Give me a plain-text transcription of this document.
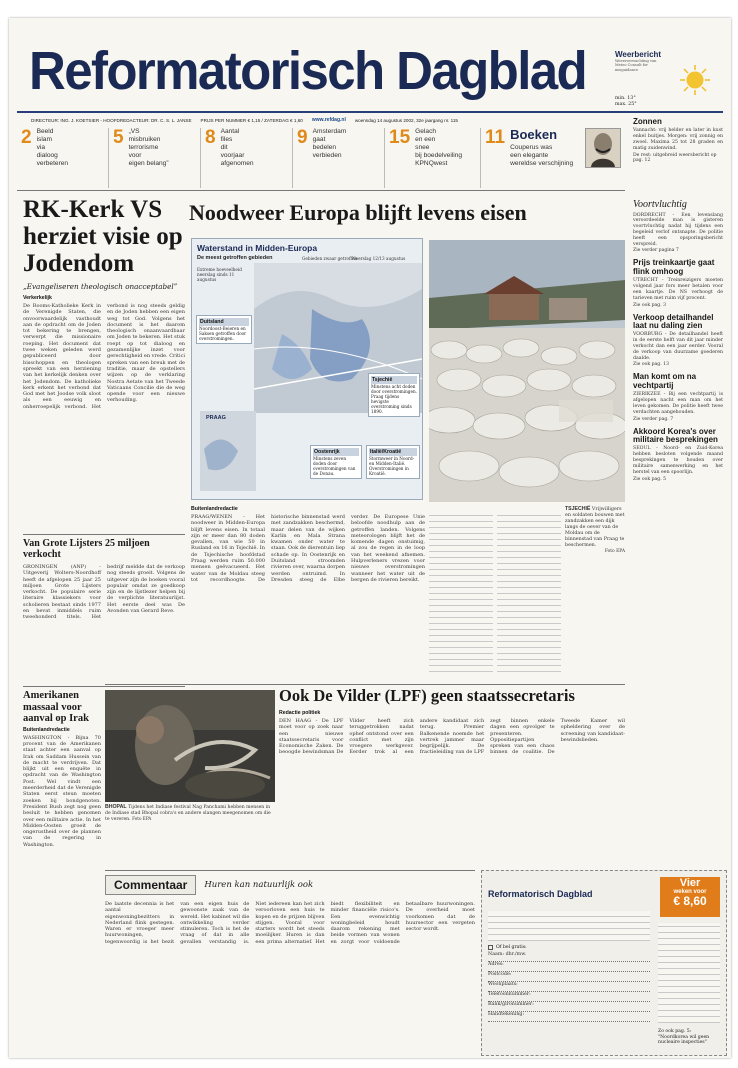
Reformatorisch Dagblad	Weerbericht
Weersverwachting van Meteo Consult for misguidance
min. 13°
max. 25°
DIRECTEUR: ING. J. KOETSIER - HOOFDREDACTEUR: DR. C. S. L. JANSE PRIJS PER NUMMER € 1,15 / ZATERDAG € 1,60 www.refdag.nl woensdag 14 augustus 2002, 32e jaargang nr. 115
2 Beeld
islam
via
dialoog
verbeteren
5 „VS
misbruiken
terrorisme
voor
eigen belang”
8 Aantal
files
dit
voorjaar
afgenomen
9 Amsterdam
gaat
bedelen
verbieden
15 Gelach
en een
snee
bij boedelveiling
KPNQwest
11 Boeken
Couperus was
een elegante
wereldse verschijning
Zonnen
Vannacht: vrij helder en later in kust enkel buitjes. Morgen: vrij zonnig en zwoel. Maxima 25 tot 28 graden en matig zuidenwind.
De rest: uitgebreid weersbericht op pag. 12
RK-Kerk VS herziet visie op Jodendom
„Evangeliseren theologisch onacceptabel”
Verkerkelijk
De Rooms-Katholieke Kerk in de Verenigde Staten, die onvoorwaardelijk vasthoudt aan de opdracht om de Joden tot bekering te brengen, verwerpt die missionaire roeping. Het document dat twee weken geleden werd gepubliceerd door bisschoppen en theologen spreekt van een herziening van het kerkelijk denken over het Jodendom. De katholieke kerk erkent het verbond dat God met het Joodse volk sloot als een eeuwig en onherroepelijk verbond. Het verbond is nog steeds geldig en de Joden hebben een eigen weg tot God. Volgens het document is het daarom theologisch onaanvaardbaar om Joden te bekeren. Het stuk roept op tot dialoog en gezamenlijke inzet voor gerechtigheid en vrede. Critici spreken van een breuk met de traditie, maar de opstellers wijzen op de verklaring Nostra Aetate van het Tweede Vaticaans Concilie die de weg opende voor een nieuwe verhouding.
Van Grote Lijsters 25 miljoen verkocht
GRONINGEN (ANP) - Uitgeverij Wolters-Noordhoff heeft de afgelopen 25 jaar 25 miljoen Grote Lijsters verkocht. De populaire serie literaire klassiekers voor scholieren bestaat sinds 1977 en bevat inmiddels ruim tweehonderd titels. Het bedrijf meldde dat de verkoop nog steeds groeit. Volgens de uitgever zijn de boeken vooral populair omdat ze goedkoop zijn en de lijstlezer helpen bij de verplichte literatuurlijst. Het eerste deel was De Avonden van Gerard Reve.
Amerikanen massaal voor aanval op Irak
Buitenlandredactie
WASHINGTON - Bijna 70 procent van de Amerikanen staat achter een aanval op Irak om Saddam Hussein van de macht te verdrijven. Dat blijkt uit een enquête in opdracht van de Washington Post. Wel vindt een meerderheid dat de Verenigde Staten eerst steun moeten zoeken bij bondgenoten. President Bush zegt nog geen besluit te hebben genomen over een militaire actie. In het Midden-Oosten groeit de ongerustheid over de plannen van de regering in Washington.
Noodweer Europa blijft levens eisen
Waterstand in Midden-Europa
De meest getroffen gebieden	Gebieden zwaar getroffen
Neerslag 12/13 augustus
Extreme hoeveelheid neerslag sinds 11 augustus
Duitsland
Noordoost-Beieren en Saksen getroffen door overstromingen.
PRAAG
Tsjechië
Minstens acht doden door overstromingen. Praag tijdens hevigste overstroming sinds 1890.
Oostenrijk
Minstens zeven doden door overstromingen van de Donau.
Italië/Kroatië
Stormweer in Noord- en Midden-Italië. Overstromingen in Kroatië.
Buitenlandredactie
PRAAG/WENEN - Het noodweer in Midden-Europa blijft levens eisen. In totaal zijn er meer dan 80 doden gevallen, van wie 50 in Rusland en 16 in Tsjechië. In de Tsjechische hoofdstad Praag werden ruim 50.000 mensen geëvacueerd. Het water van de Moldau steeg tot recordhoogte. De historische binnenstad werd met zandzakken beschermd, maar delen van de wijken Karlin en Mala Strana kwamen onder water te staan. Ook de dierentuin liep schade op. In Oostenrijk en Duitsland stroomden rivieren over, waarna dorpen werden ontruimd. In Dresden steeg de Elbe verder. De Europese Unie beloofde noodhulp aan de getroffen landen. Volgens meteorologen blijft het de komende dagen onstuimig, al zou de regen in de loop van het weekend afnemen. Hulpverleners vrezen voor nieuwe overstromingen wanneer het water uit de bergen de rivieren bereikt.
TSJECHIË Vrijwilligers en soldaten bouwen met zandzakken een dijk langs de oever van de Moldau om de binnenstad van Praag te beschermen.
Foto EPA
Ook De Vilder (LPF) geen staatssecretaris
BHOPAL Tijdens het Indiase festival Nag Panchami hebben mensen in de Indiase stad Bhopal cobra's en andere slangen meegenomen om die te vereren. Foto EPA
Redactie politiek
DEN HAAG - De LPF moet voor op zoek naar een nieuwe staatssecretaris voor Economische Zaken. De beoogde bewindsman De Vilder heeft zich teruggetrokken nadat ophef ontstond over een conflict met zijn vroegere werkgever. Eerder trok al een andere kandidaat zich terug. Premier Balkenende noemde het vertrek jammer maar begrijpelijk. De fractieleiding van de LPF zegt binnen enkele dagen een opvolger te presenteren. Oppositiepartijen spreken van een chaos binnen de coalitie. De Tweede Kamer wil opheldering over de screening van kandidaat-bewindslieden.
Commentaar	Huren kan natuurlijk ook
De laatste decennia is het aantal eigenwoningbezitters in Nederland flink gestegen. Waren er vroeger meer huurwoningen, tegenwoordig is het bezit van een eigen huis de gewoonste zaak van de wereld. Het kabinet wil die ontwikkeling verder stimuleren. Toch is het de vraag of dat in alle gevallen verstandig is. Niet iedereen kan het zich veroorloven een huis te kopen en de prijzen blijven stijgen. Vooral voor starters wordt het steeds moeilijker. Huren is dan een prima alternatief. Het biedt flexibiliteit en minder financiële risico's. Een evenwichtig woningbeleid houdt daarom rekening met beide vormen van wonen en zorgt voor voldoende betaalbare huurwoningen. De overheid moet voorkomen dat de huursector een vergeten sector wordt.
Reformatorisch Dagblad
Vier
weken voor
€ 8,60
Of bel gratis:
Naam: dhr./mw.
Adres:
Postcode:
Woonplaats:
Telefoonnummer:
Bank/gironummer:
Handtekening:
Zo ook pag. 5: "Noordkorea wil geen nucleaire inspecties"
Voortvluchtig
DORDRECHT - Een levenslang veroordeelde man is gisteren voortvluchtig nadat hij tijdens een begeleid verlof ontsnapte. De politie heeft een opsporingsbericht verspreid.
Zie verder pagina 7
Prijs treinkaartje gaat flink omhoog
UTRECHT - Treinreizigers moeten volgend jaar fors meer betalen voor een kaartje. De NS verhoogt de tarieven met ruim vijf procent.
Zie ook pag. 3
Verkoop detailhandel laat nu daling zien
VOORBURG - De detailhandel heeft in de eerste helft van dit jaar minder verkocht dan een jaar eerder. Vooral de verkoop van duurzame goederen daalde.
Zie ook pag. 13
Man komt om na vechtpartij
ZIERIKZEE - Bij een vechtpartij is afgelopen nacht een man om het leven gekomen. De politie heeft twee verdachten aangehouden.
Zie verder pag. 7
Akkoord Korea's over militaire besprekingen
SEOUL - Noord- en Zuid-Korea hebben besloten volgende maand besprekingen te houden over militaire samenwerking en het herstel van een spoorlijn.
Zie ook pag. 5
